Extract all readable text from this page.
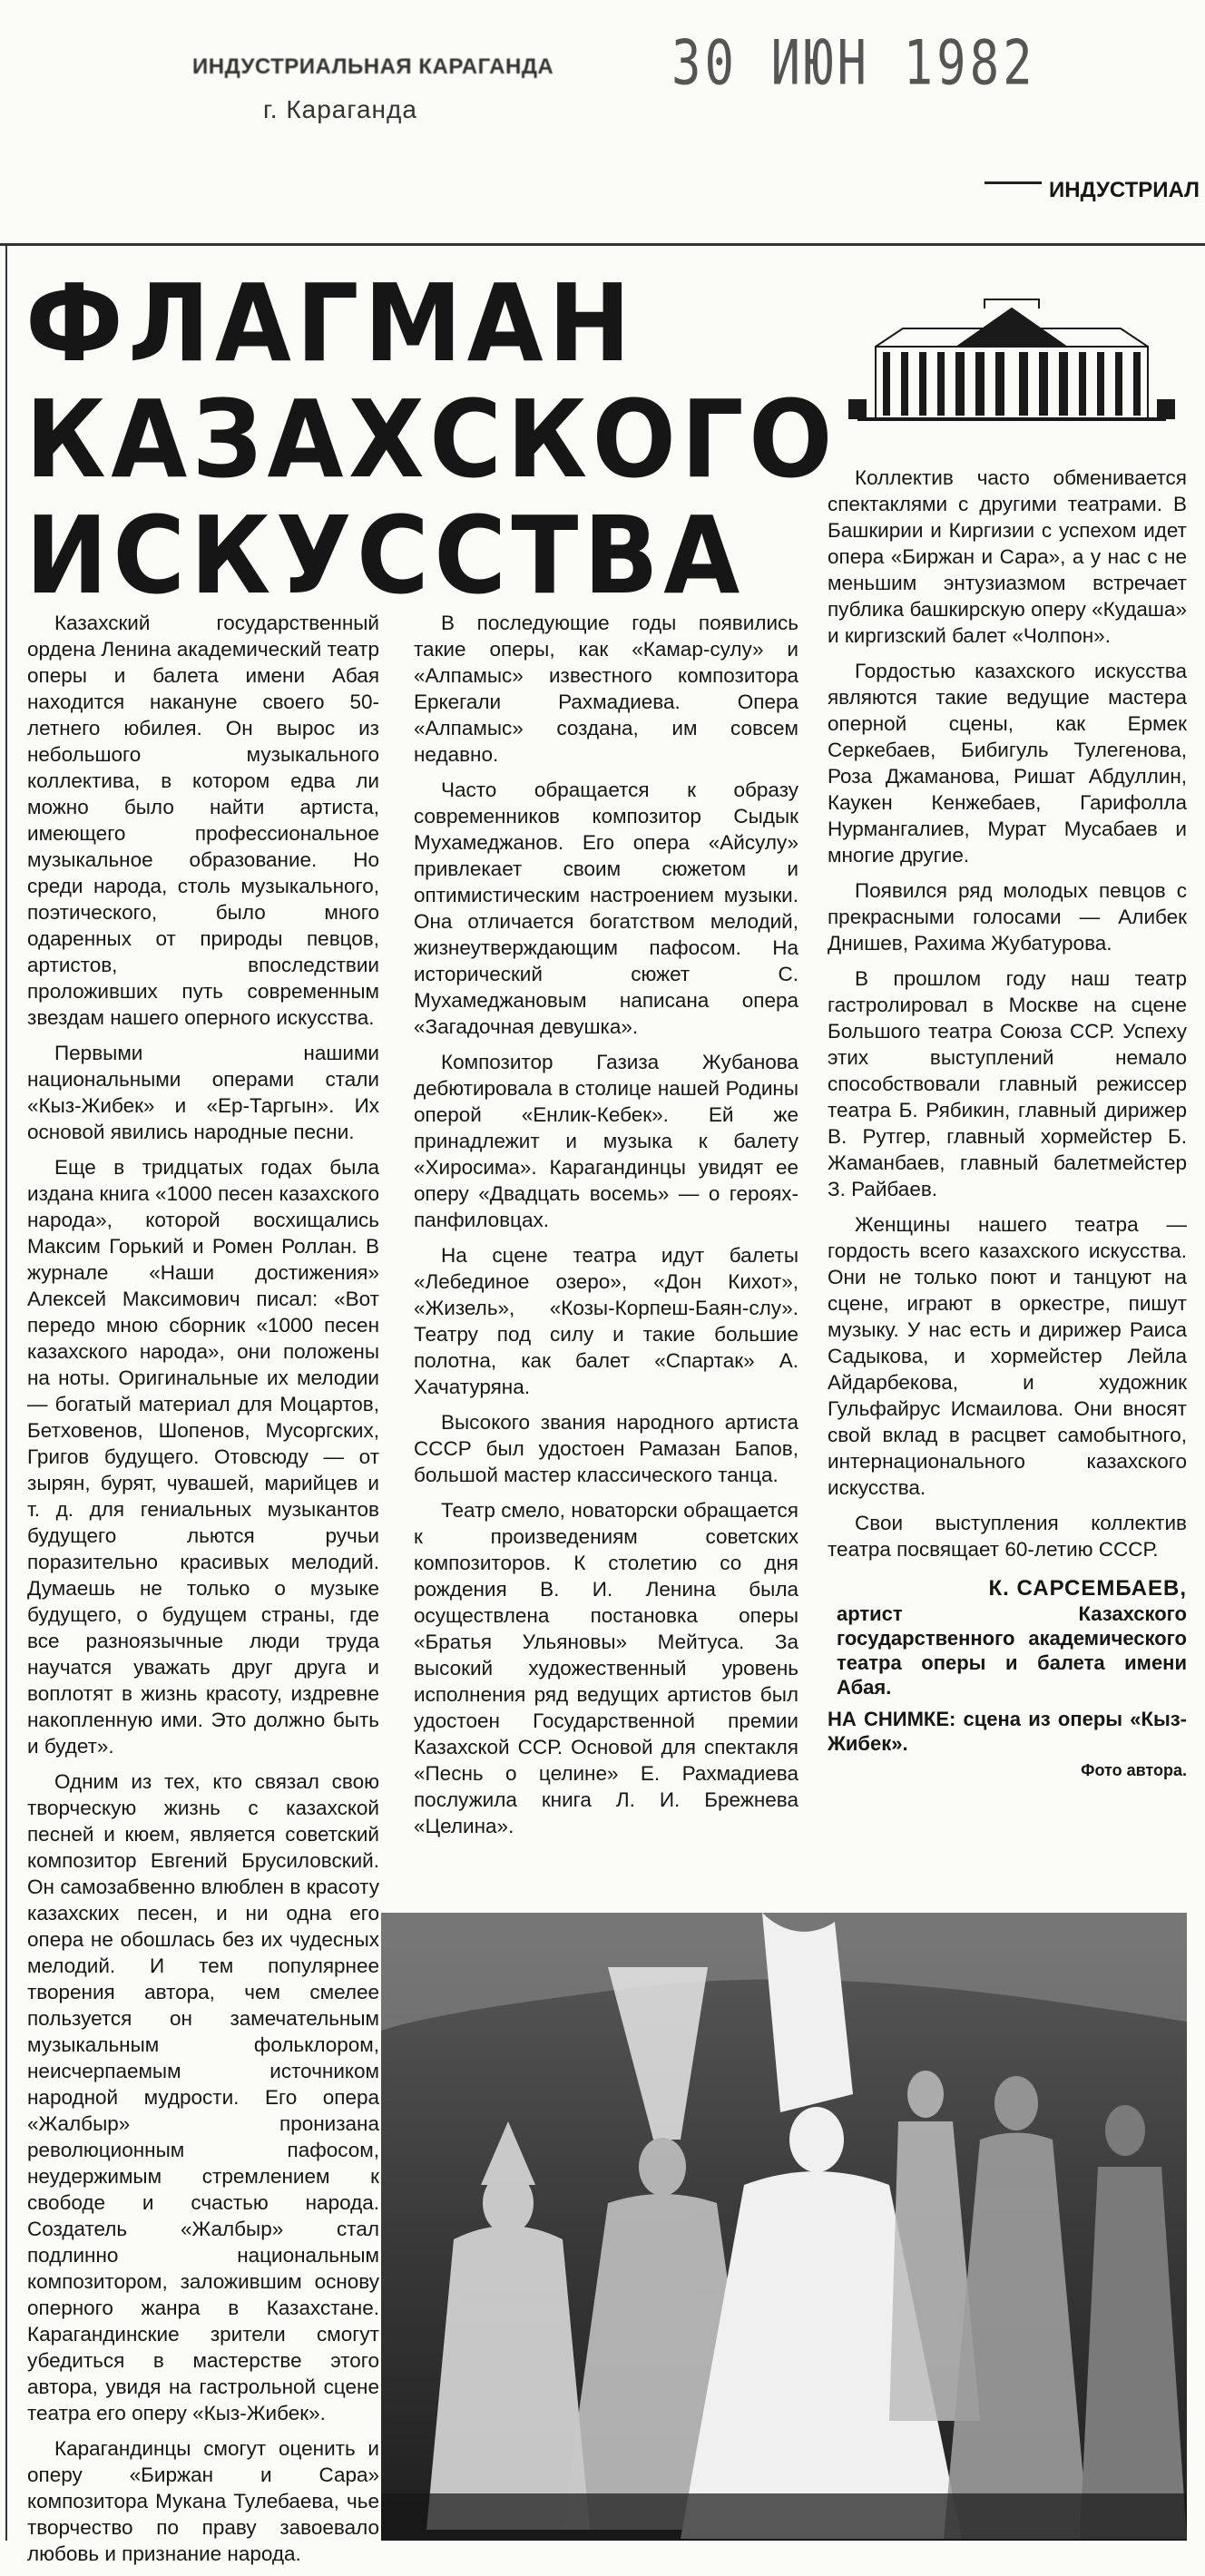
30 ИЮН 1982
ИНДУСТРИАЛЬНАЯ КАРАГАНДА
г. Караганда
ИНДУСТРИАЛ
ФЛАГМАН
КАЗАХСКОГО
ИСКУССТВА

Казахский государственный ордена Ленина академический театр оперы и балета имени Абая находится накануне своего 50-летнего юбилея. Он вырос из небольшого музыкального коллектива, в котором едва ли можно было найти артиста, имеющего профессиональное музыкальное образование. Но среди народа, столь музыкального, поэтического, было много одаренных от природы певцов, артистов, впоследствии проложивших путь современным звездам нашего оперного искусства.

Первыми нашими национальными операми стали «Кыз-Жибек» и «Ер-Таргын». Их основой явились народные песни.

Еще в тридцатых годах была издана книга «1000 песен казахского народа», которой восхищались Максим Горький и Ромен Роллан. В журнале «Наши достижения» Алексей Максимович писал: «Вот передо мною сборник «1000 песен казахского народа», они положены на ноты. Оригинальные их мелодии — богатый материал для Моцартов, Бетховенов, Шопенов, Мусоргских, Григов будущего. Отовсюду — от зырян, бурят, чувашей, марийцев и т. д. для гениальных музыкантов будущего льются ручьи поразительно красивых мелодий. Думаешь не только о музыке будущего, о будущем страны, где все разноязычные люди труда научатся уважать друг друга и воплотят в жизнь красоту, издревне накопленную ими. Это должно быть и будет».

Одним из тех, кто связал свою творческую жизнь с казахской песней и кюем, является советский композитор Евгений Брусиловский. Он самозабвенно влюблен в красоту казахских песен, и ни одна его опера не обошлась без их чудесных мелодий. И тем популярнее творения автора, чем смелее пользуется он замечательным музыкальным фольклором, неисчерпаемым источником народной мудрости. Его опера «Жалбыр» пронизана революционным пафосом, неудержимым стремлением к свободе и счастью народа. Создатель «Жалбыр» стал подлинно национальным композитором, заложившим основу оперного жанра в Казахстане. Карагандинские зрители смогут убедиться в мастерстве этого автора, увидя на гастрольной сцене театра его оперу «Кыз-Жибек».

Карагандинцы смогут оценить и оперу «Биржан и Сара» композитора Мукана Тулебаева, чье творчество по праву завоевало любовь и признание народа.

В последующие годы появились такие оперы, как «Камар-сулу» и «Алпамыс» известного композитора Еркегали Рахмадиева. Опера «Алпамыс» создана, им совсем недавно.

Часто обращается к образу современников композитор Сыдык Мухамеджанов. Его опера «Айсулу» привлекает своим сюжетом и оптимистическим настроением музыки. Она отличается богатством мелодий, жизнеутверждающим пафосом. На исторический сюжет С. Мухамеджановым написана опера «Загадочная девушка».

Композитор Газиза Жубанова дебютировала в столице нашей Родины оперой «Енлик-Кебек». Ей же принадлежит и музыка к балету «Хиросима». Карагандинцы увидят ее оперу «Двадцать восемь» — о героях-панфиловцах.

На сцене театра идут балеты «Лебединое озеро», «Дон Кихот», «Жизель», «Козы-Корпеш-Баян-слу». Театру под силу и такие большие полотна, как балет «Спартак» А. Хачатуряна.

Высокого звания народного артиста СССР был удостоен Рамазан Бапов, большой мастер классического танца.

Театр смело, новаторски обращается к произведениям советских композиторов. К столетию со дня рождения В. И. Ленина была осуществлена постановка оперы «Братья Ульяновы» Мейтуса. За высокий художественный уровень исполнения ряд ведущих артистов был удостоен Государственной премии Казахской ССР. Основой для спектакля «Песнь о целине» Е. Рахмадиева послужила книга Л. И. Брежнева «Целина».

Коллектив часто обменивается спектаклями с другими театрами. В Башкирии и Киргизии с успехом идет опера «Биржан и Сара», а у нас с не меньшим энтузиазмом встречает публика башкирскую оперу «Кудаша» и киргизский балет «Чолпон».

Гордостью казахского искусства являются такие ведущие мастера оперной сцены, как Ермек Серкебаев, Бибигуль Тулегенова, Роза Джаманова, Ришат Абдуллин, Каукен Кенжебаев, Гарифолла Нурмангалиев, Мурат Мусабаев и многие другие.

Появился ряд молодых певцов с прекрасными голосами — Алибек Днишев, Рахима Жубатурова.

В прошлом году наш театр гастролировал в Москве на сцене Большого театра Союза ССР. Успеху этих выступлений немало способствовали главный режиссер театра Б. Рябикин, главный дирижер В. Рутгер, главный хормейстер Б. Жаманбаев, главный балетмейстер З. Райбаев.

Женщины нашего театра — гордость всего казахского искусства. Они не только поют и танцуют на сцене, играют в оркестре, пишут музыку. У нас есть и дирижер Раиса Садыкова, и хормейстер Лейла Айдарбекова, и художник Гульфайрус Исмаилова. Они вносят свой вклад в расцвет самобытного, интернационального казахского искусства.

Свои выступления коллектив театра посвящает 60-летию СССР.

К. САРСЕМБАЕВ,
артист Казахского государственного академического театра оперы и балета имени Абая.
НА СНИМКЕ: сцена из оперы «Кыз-Жибек».
Фото автора.
